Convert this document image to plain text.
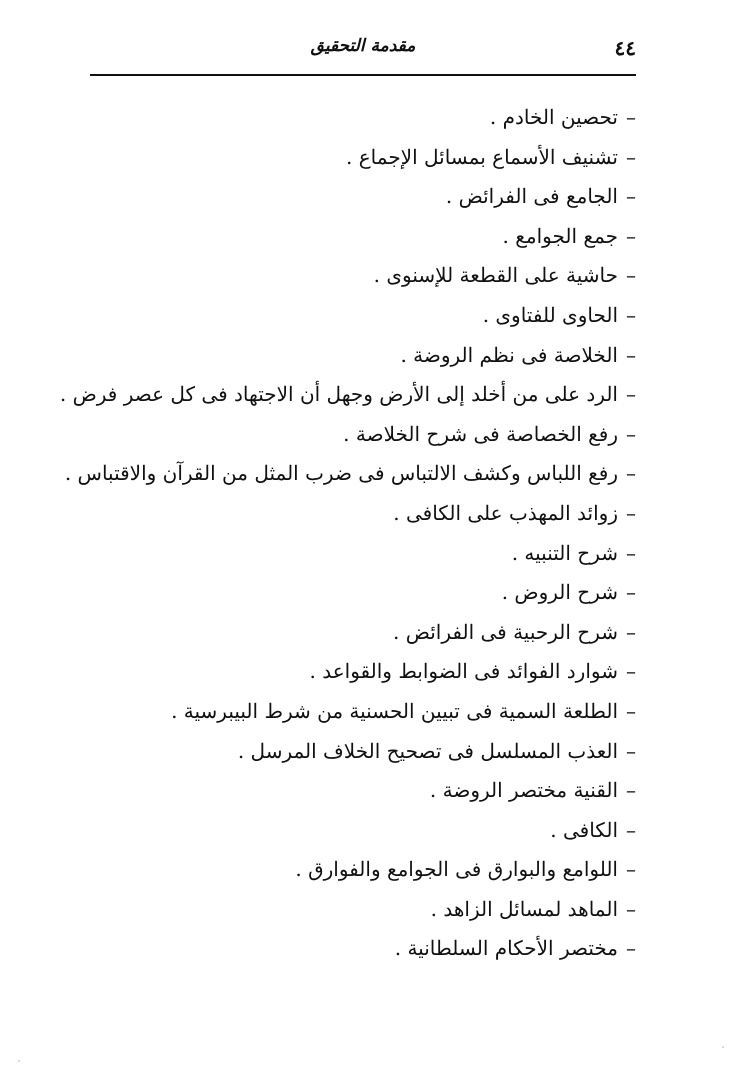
٤٤
مقدمة التحقيق
–تحصين الخادم .
–تشنيف الأسماع بمسائل الإجماع .
–الجامع فى الفرائض .
–جمع الجوامع .
–حاشية على القطعة للإسنوى .
–الحاوى للفتاوى .
–الخلاصة فى نظم الروضة .
–الرد على من أخلد إلى الأرض وجهل أن الاجتهاد فى كل عصر فرض .
–رفع الخصاصة فى شرح الخلاصة .
–رفع اللباس وكشف الالتباس فى ضرب المثل من القرآن والاقتباس .
–زوائد المهذب على الكافى .
–شرح التنبيه .
–شرح الروض .
–شرح الرحبية فى الفرائض .
–شوارد الفوائد فى الضوابط والقواعد .
–الطلعة السمية فى تبيين الحسنية من شرط البيبرسية .
–العذب المسلسل فى تصحيح الخلاف المرسل .
–القنية مختصر الروضة .
–الكافى .
–اللوامع والبوارق فى الجوامع والفوارق .
–الماهد لمسائل الزاهد .
–مختصر الأحكام السلطانية .
